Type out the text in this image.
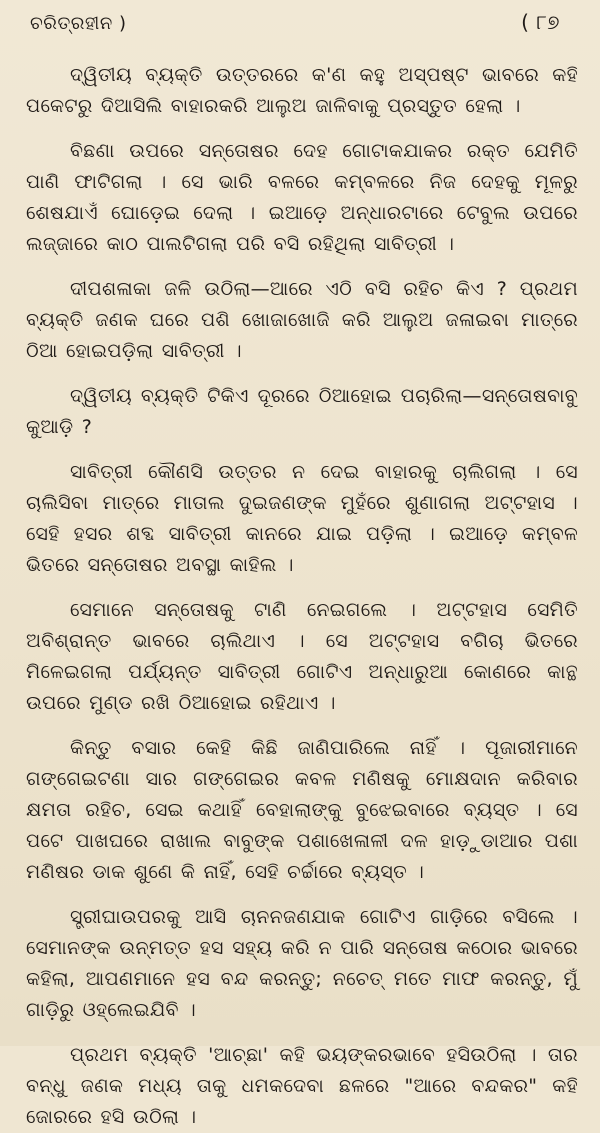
ଚରିତ୍ରହୀନ )	( ୮୭

ଦ୍ୱିତୀୟ ବ୍ୟକ୍ତି ଉତ୍ତରରେ କ'ଣ କହୁ ଅସ୍ପଷ୍ଟ ଭାବରେ କହି ପକେଟରୁ ଦିଆସିଲି ବାହାରକରି ଆଲୁଅ ଜାଳିବାକୁ ପ୍ରସ୍ତୁତ ହେଲା ।

ବିଛଣା ଉପରେ ସନ୍ତୋଷର ଦେହ ଗୋଟାକଯାକର ରକ୍ତ ଯେମିତି ପାଣି ଫାଟିଗଲା । ସେ ଭାରି ବଳରେ କମ୍ବଳରେ ନିଜ ଦେହକୁ ମୂଳରୁ ଶେଷଯାଏଁ ଘୋଡ଼େଇ ଦେଲା । ଇଆଡ଼େ ଅନ୍ଧାରଟାରେ ଟେବୁଲ ଉପରେ ଲଜ୍ଜାରେ କାଠ ପାଲଟିଗଲା ପରି ବସି ରହିଥିଲା ସାବିତ୍ରୀ ।

ଦୀପଶଳାକା ଜଳି ଉଠିଲା—ଆରେ ଏଠି ବସି ରହିଚ କିଏ ? ପ୍ରଥମ ବ୍ୟକ୍ତି ଜଣକ ଘରେ ପଶି ଖୋଜାଖୋଜି କରି ଆଲୁଅ ଜଳାଇବା ମାତ୍ରେ ଠିଆ ହୋଇପଡ଼ିଲା ସାବିତ୍ରୀ ।

ଦ୍ୱିତୀୟ ବ୍ୟକ୍ତି ଟିକିଏ ଦୂରରେ ଠିଆହୋଇ ପଚାରିଲା—ସନ୍ତୋଷବାବୁ କୁଆଡ଼ି ?

ସାବିତ୍ରୀ କୌଣସି ଉତ୍ତର ନ ଦେଇ ବାହାରକୁ ଚାଲିଗଲା । ସେ ଚାଲିସିବା ମାତ୍ରେ ମାତାଲ ଦୁଇଜଣଙ୍କ ମୁହଁରେ ଶୁଣାଗଲା ଅଟ୍ଟହାସ । ସେହି ହସର ଶବ୍ଦ ସାବିତ୍ରୀ କାନରେ ଯାଇ ପଡ଼ିଲା । ଇଆଡ଼େ କମ୍ବଳ ଭିତରେ ସନ୍ତୋଷର ଅବସ୍ଥା କାହିଲ ।

ସେମାନେ ସନ୍ତୋଷକୁ ଟାଣି ନେଇଗଲେ । ଅଟ୍ଟହାସ ସେମିତି ଅବିଶ୍ରାନ୍ତ ଭାବରେ ଚାଲିଥାଏ । ସେ ଅଟ୍ଟହାସ ବଗିଚା ଭିତରେ ମିଳେଇଗଲା ପର୍ଯ୍ୟନ୍ତ ସାବିତ୍ରୀ ଗୋଟିଏ ଅନ୍ଧାରୁଆ କୋଣରେ କାନ୍ଥ ଉପରେ ମୁଣ୍ଡ ରଖି ଠିଆହୋଇ ରହିଥାଏ ।

କିନ୍ତୁ ବସାର କେହି କିଛି ଜାଣିପାରିଲେ ନାହିଁ । ପୂଜାରୀମାନେ ଗଙ୍ଗେଇଟଣା ସାର ଗଙ୍ଗେଇର କବଳ ମଣିଷକୁ ମୋକ୍ଷଦାନ କରିବାର କ୍ଷମତା ରହିଚ, ସେଇ କଥାହିଁ ବେହାଲାଙ୍କୁ ବୁଝେଇବାରେ ବ୍ୟସ୍ତ । ସେ ପଟେ ପାଖଘରେ ରାଖାଲ ବାବୁଙ୍କ ପଶାଖେଳାଳୀ ଦଳ ହାଡ଼ୁଡାଆର ପଶା ମଣିଷର ଡାକ ଶୁଣେ କି ନାହିଁ, ସେହି ଚର୍ଚ୍ଚାରେ ବ୍ୟସ୍ତ ।

ସ୍ତ୍ରୀଘାଉପରକୁ ଆସି ଚାନନଜଣଯାକ ଗୋଟିଏ ଗାଡ଼ିରେ ବସିଲେ । ସେମାନଙ୍କ ଉନ୍ମତ୍ତ ହସ ସହ୍ୟ କରି ନ ପାରି ସନ୍ତୋଷ କଠୋର ଭାବରେ କହିଲା, ଆପଣମାନେ ହସ ବନ୍ଦ କରନ୍ତୁ; ନଚେତ୍ ମତେ ମାଫ କରନ୍ତୁ, ମୁଁ ଗାଡ଼ିରୁ ଓହ୍ଲେଇଯିବି ।

ପ୍ରଥମ ବ୍ୟକ୍ତି 'ଆଚ୍ଛା' କହି ଭୟଙ୍କରଭାବେ ହସିଉଠିଲା । ତାର ବନ୍ଧୁ ଜଣକ ମଧ୍ୟ ତାକୁ ଧମକଦେବା ଛଳରେ "ଆରେ ବନ୍ଦକର" କହି ଜୋରରେ ହସି ଉଠିଲା ।
